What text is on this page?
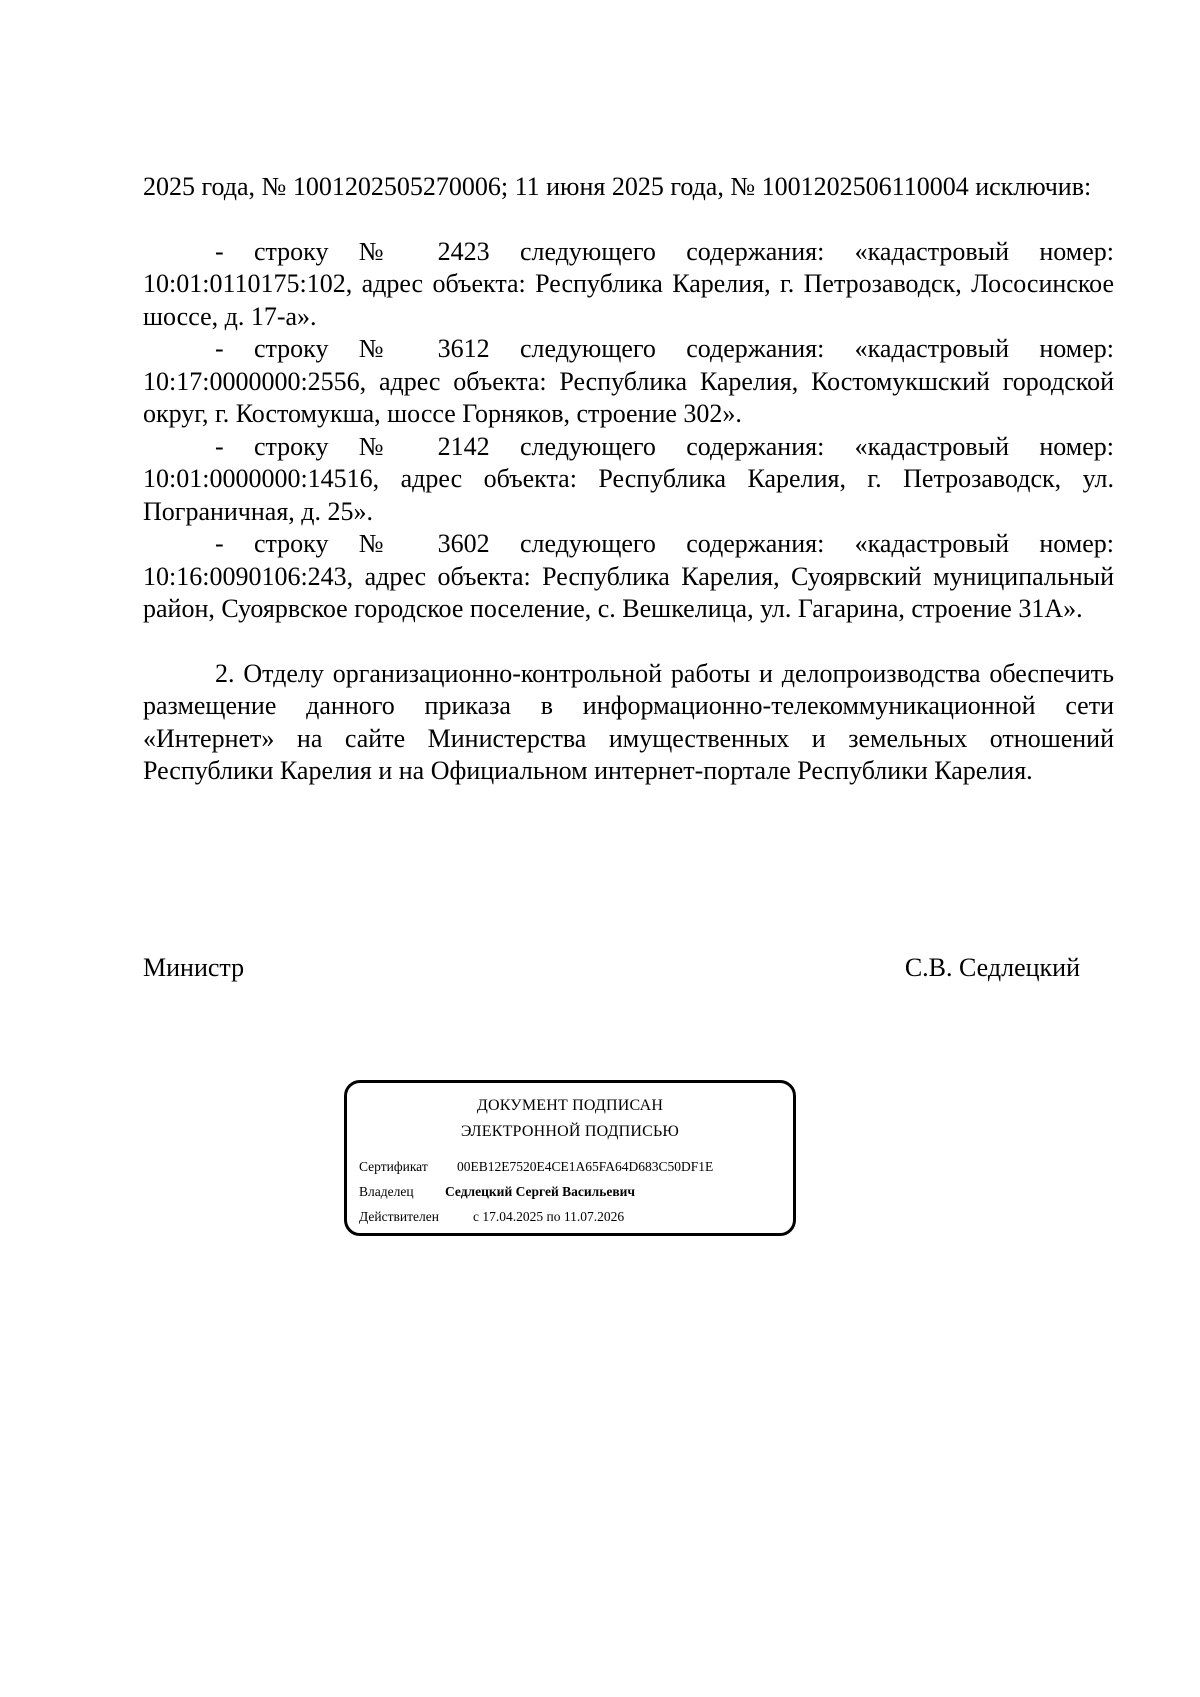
2025 года, № 1001202505270006; 11 июня 2025 года, № 1001202506110004 исключив:

- строку № 2423 следующего содержания: «кадастровый номер: 10:01:0110175:102, адрес объекта: Республика Карелия, г. Петрозаводск, Лососинское шоссе, д. 17-а».

- строку № 3612 следующего содержания: «кадастровый номер: 10:17:0000000:2556, адрес объекта: Республика Карелия, Костомукшский городской округ, г. Костомукша, шоссе Горняков, строение 302».

- строку № 2142 следующего содержания: «кадастровый номер: 10:01:0000000:14516, адрес объекта: Республика Карелия, г. Петрозаводск, ул. Пограничная, д. 25».

- строку № 3602 следующего содержания: «кадастровый номер: 10:16:0090106:243, адрес объекта: Республика Карелия, Суоярвский муниципальный район, Суоярвское городское поселение, с. Вешкелица, ул. Гагарина, строение 31А».

2. Отделу организационно-контрольной работы и делопроизводства обеспечить размещение данного приказа в информационно-телекоммуникационной сети «Интернет» на сайте Министерства имущественных и земельных отношений Республики Карелия и на Официальном интернет-портале Республики Карелия.

Министр	С.В. Седлецкий
ДОКУМЕНТ ПОДПИСАН
ЭЛЕКТРОННОЙ ПОДПИСЬЮ
Сертификат 00EB12E7520E4CE1A65FA64D683C50DF1E
Владелец Седлецкий Сергей Васильевич
Действителен	с 17.04.2025 по 11.07.2026
